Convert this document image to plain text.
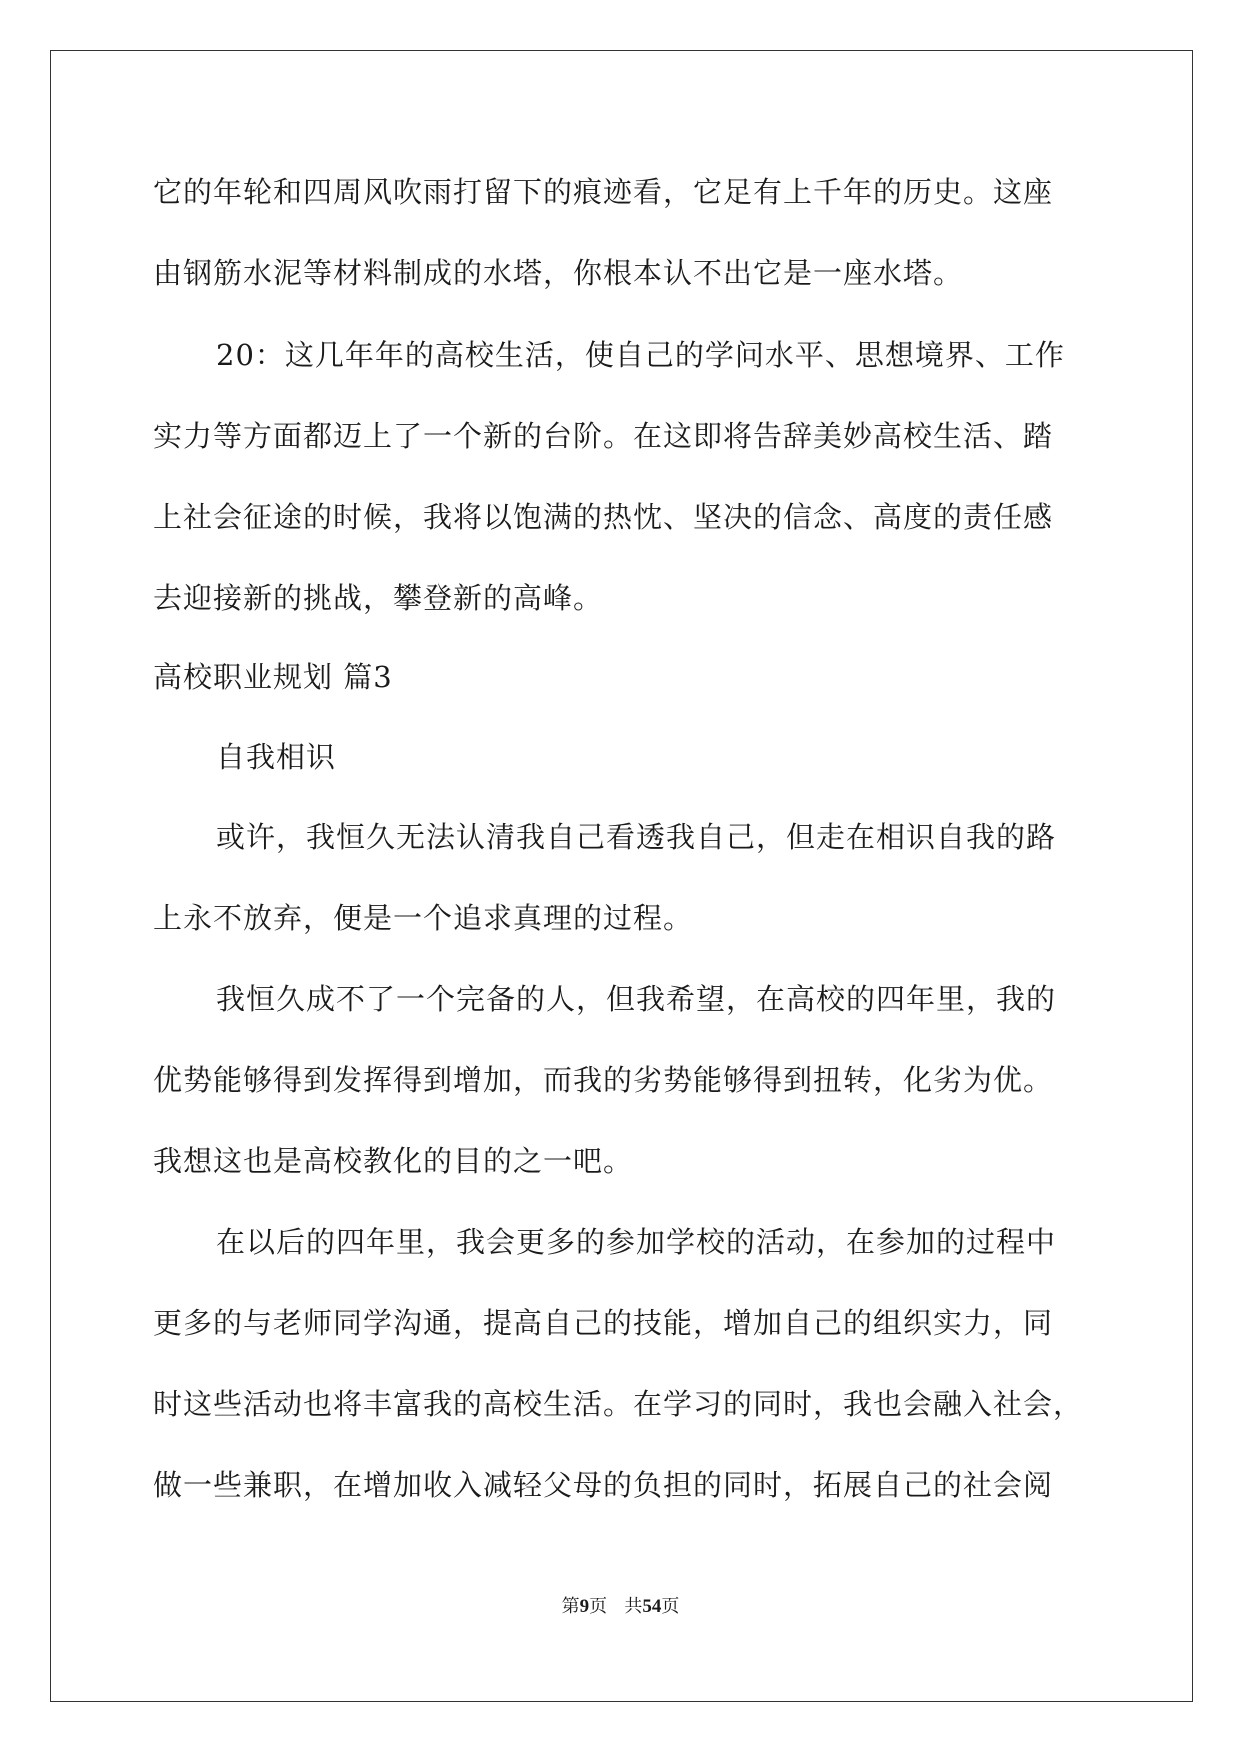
它的年轮和四周风吹雨打留下的痕迹看，它足有上千年的历史。这座
由钢筋水泥等材料制成的水塔，你根本认不出它是一座水塔。
20：这几年年的高校生活，使自己的学问水平、思想境界、工作
实力等方面都迈上了一个新的台阶。在这即将告辞美妙高校生活、踏
上社会征途的时候，我将以饱满的热忱、坚决的信念、高度的责任感
去迎接新的挑战，攀登新的高峰。
高校职业规划 篇3
自我相识
或许，我恒久无法认清我自己看透我自己，但走在相识自我的路
上永不放弃，便是一个追求真理的过程。
我恒久成不了一个完备的人，但我希望，在高校的四年里，我的
优势能够得到发挥得到增加，而我的劣势能够得到扭转，化劣为优。
我想这也是高校教化的目的之一吧。
在以后的四年里，我会更多的参加学校的活动，在参加的过程中
更多的与老师同学沟通，提高自己的技能，增加自己的组织实力，同
时这些活动也将丰富我的高校生活。在学习的同时，我也会融入社会，
做一些兼职，在增加收入减轻父母的负担的同时，拓展自己的社会阅
第9页 共54页
